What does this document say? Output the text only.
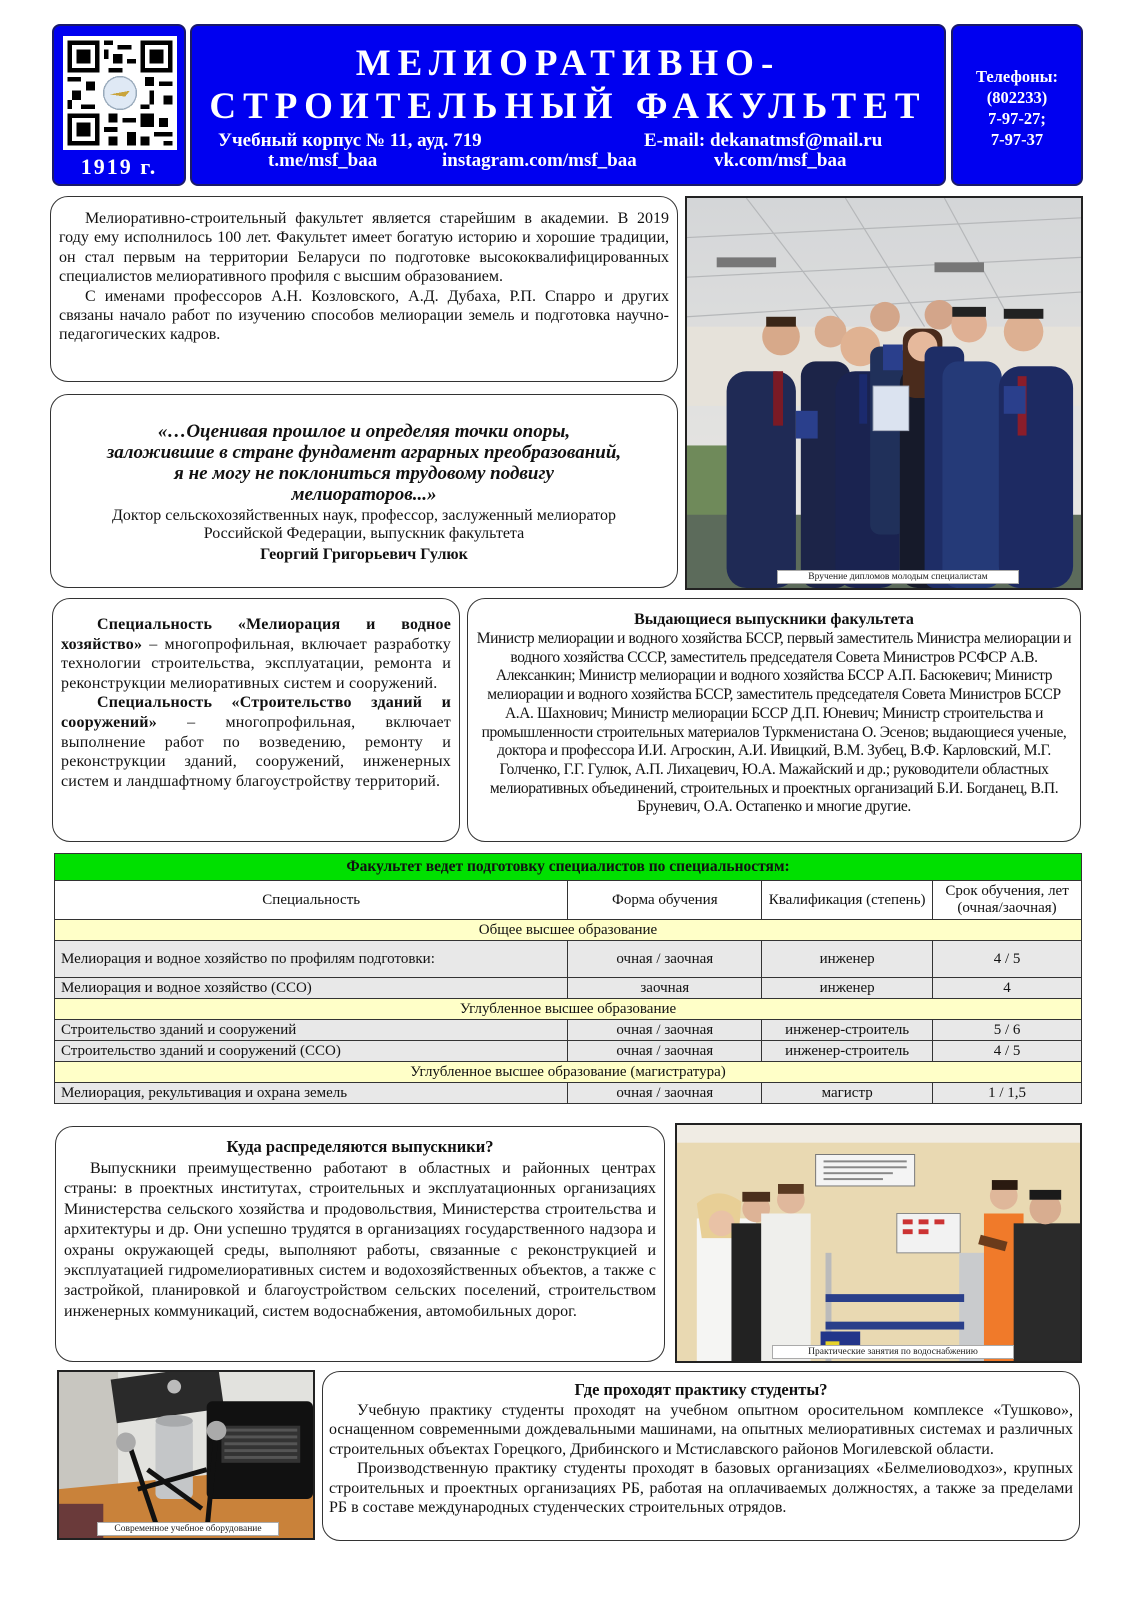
1919 г.
МЕЛИОРАТИВНО-
СТРОИТЕЛЬНЫЙ ФАКУЛЬТЕТ
Учебный корпус № 11, ауд. 719	E-mail: dekanatmsf@mail.ru
t.me/msf_baa	instagram.com/msf_baa	vk.com/msf_baa
Телефоны:
(802233)
7-97-27;
7-97-37

Мелиоративно-строительный факультет является старейшим в академии. В 2019 году ему исполнилось 100 лет. Факультет имеет богатую историю и хорошие традиции, он стал первым на территории Беларуси по подготовке высококвалифицированных специалистов мелиоративного профиля с высшим образованием.

С именами профессоров А.Н. Козловского, А.Д. Дубаха, Р.П. Спарро и других связаны начало работ по изучению способов мелиорации земель и подготовка научно-педагогических кадров.

«…Оценивая прошлое и определяя точки опоры,
заложившие в стране фундамент аграрных преобразований,
я не могу не поклониться трудовому подвигу
мелиораторов...»
Доктор сельскохозяйственных наук, профессор, заслуженный мелиоратор
Российской Федерации, выпускник факультета
Георгий Григорьевич Гулюк
Вручение дипломов молодым специалистам

Специальность «Мелиорация и водное хозяйство» – многопрофильная, включает разработку технологии строительства, эксплуатации, ремонта и реконструкции мелиоративных систем и сооружений.

Специальность «Строительство зданий и сооружений» – многопрофильная, включает выполнение работ по возведению, ремонту и реконструкции зданий, сооружений, инженерных систем и ландшафтному благоустройству территорий.

Выдающиеся выпускники факультета
Министр мелиорации и водного хозяйства БССР, первый заместитель Министра мелиорации и водного хозяйства СССР, заместитель председателя Совета Министров РСФСР А.В. Алексанкин; Министр мелиорации и водного хозяйства БССР А.П. Басюкевич; Министр мелиорации и водного хозяйства БССР, заместитель председателя Совета Министров БССР А.А. Шахнович; Министр мелиорации БССР Д.П. Юневич; Министр строительства и промышленности строительных материалов Туркменистана О. Эсенов; выдающиеся ученые, доктора и профессора И.И. Агроскин, А.И. Ивицкий, В.М. Зубец, В.Ф. Карловский, М.Г. Голченко, Г.Г. Гулюк, А.П. Лихацевич, Ю.А. Мажайский и др.; руководители областных мелиоративных объединений, строительных и проектных организаций Б.И. Богданец, В.П. Бруневич, О.А. Остапенко и многие другие.
Факультет ведет подготовку специалистов по специальностям:			
Специальность	Форма обучения	Квалификация (степень)	Срок обучения, лет (очная/заочная)
Общее высшее образование			
Мелиорация и водное хозяйство по профилям подготовки:	очная / заочная	инженер	4 / 5
Мелиорация и водное хозяйство (ССО)	заочная	инженер	4
Углубленное высшее образование			
Строительство зданий и сооружений	очная / заочная	инженер-строитель	5 / 6
Строительство зданий и сооружений (ССО)	очная / заочная	инженер-строитель	4 / 5
Углубленное высшее образование (магистратура)			
Мелиорация, рекультивация и охрана земель	очная / заочная	магистр	1 / 1,5
Куда распределяются выпускники?

Выпускники преимущественно работают в областных и районных центрах страны: в проектных институтах, строительных и эксплуатационных организациях Министерства сельского хозяйства и продовольствия, Министерства строительства и архитектуры и др. Они успешно трудятся в организациях государственного надзора и охраны окружающей среды, выполняют работы, связанные с реконструкцией и эксплуатацией гидромелиоративных систем и водохозяйственных объектов, а также с застройкой, планировкой и благоустройством сельских поселений, строительством инженерных коммуникаций, систем водоснабжения, автомобильных дорог.

Практические занятия по водоснабжению
Современное учебное оборудование
Где проходят практику студенты?

Учебную практику студенты проходят на учебном опытном оросительном комплексе «Тушково», оснащенном современными дождевальными машинами, на опытных мелиоративных системах и различных строительных объектах Горецкого, Дрибинского и Мстиславского районов Могилевской области.

Производственную практику студенты проходят в базовых организациях «Белмелиоводхоз», крупных строительных и проектных организациях РБ, работая на оплачиваемых должностях, а также за пределами РБ в составе международных студенческих строительных отрядов.
